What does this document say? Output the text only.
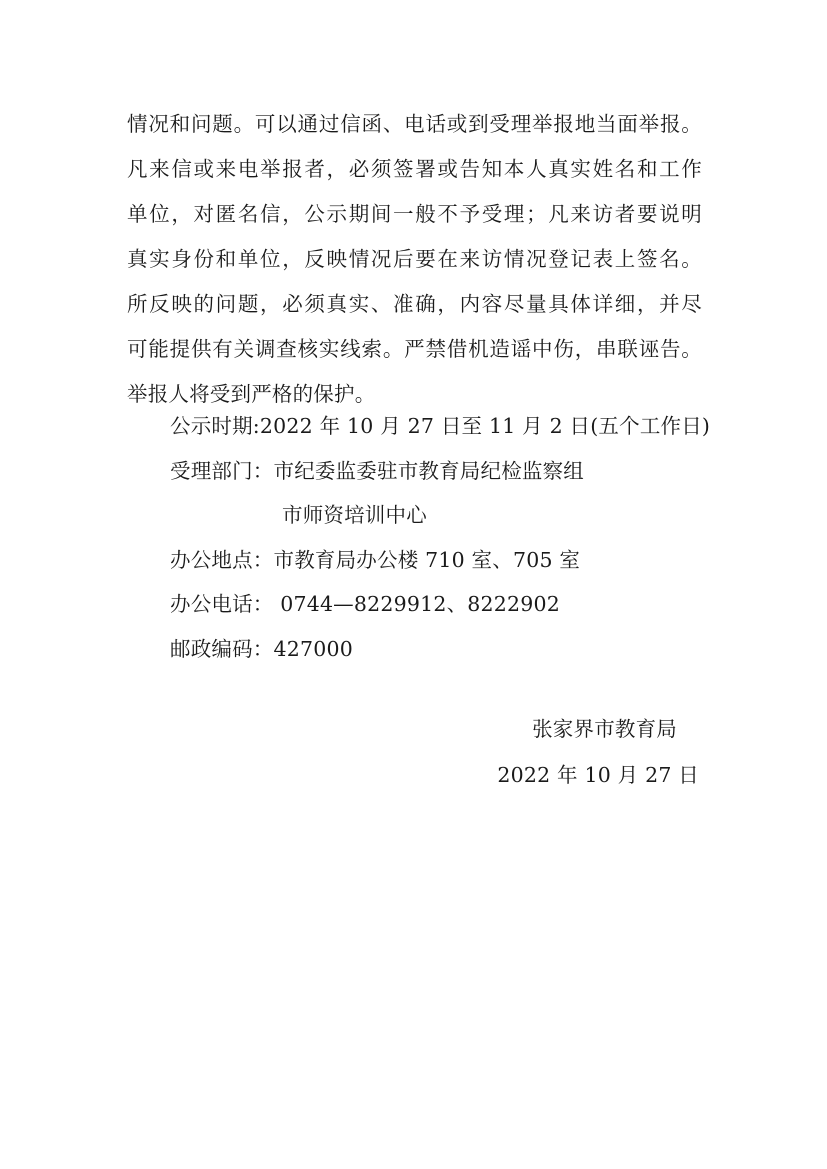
情况和问题。可以通过信函、电话或到受理举报地当面举报。
凡来信或来电举报者，必须签署或告知本人真实姓名和工作
单位，对匿名信，公示期间一般不予受理；凡来访者要说明
真实身份和单位，反映情况后要在来访情况登记表上签名。
所反映的问题，必须真实、准确，内容尽量具体详细，并尽
可能提供有关调查核实线索。严禁借机造谣中伤，串联诬告。
举报人将受到严格的保护。
公示时期:2022 年 10 月 27 日至 11 月 2 日(五个工作日)
受理部门：市纪委监委驻市教育局纪检监察组
市师资培训中心
办公地点：市教育局办公楼 710 室、705 室
办公电话： 0744—8229912、8222902
邮政编码：427000
张家界市教育局
2022 年 10 月 27 日
